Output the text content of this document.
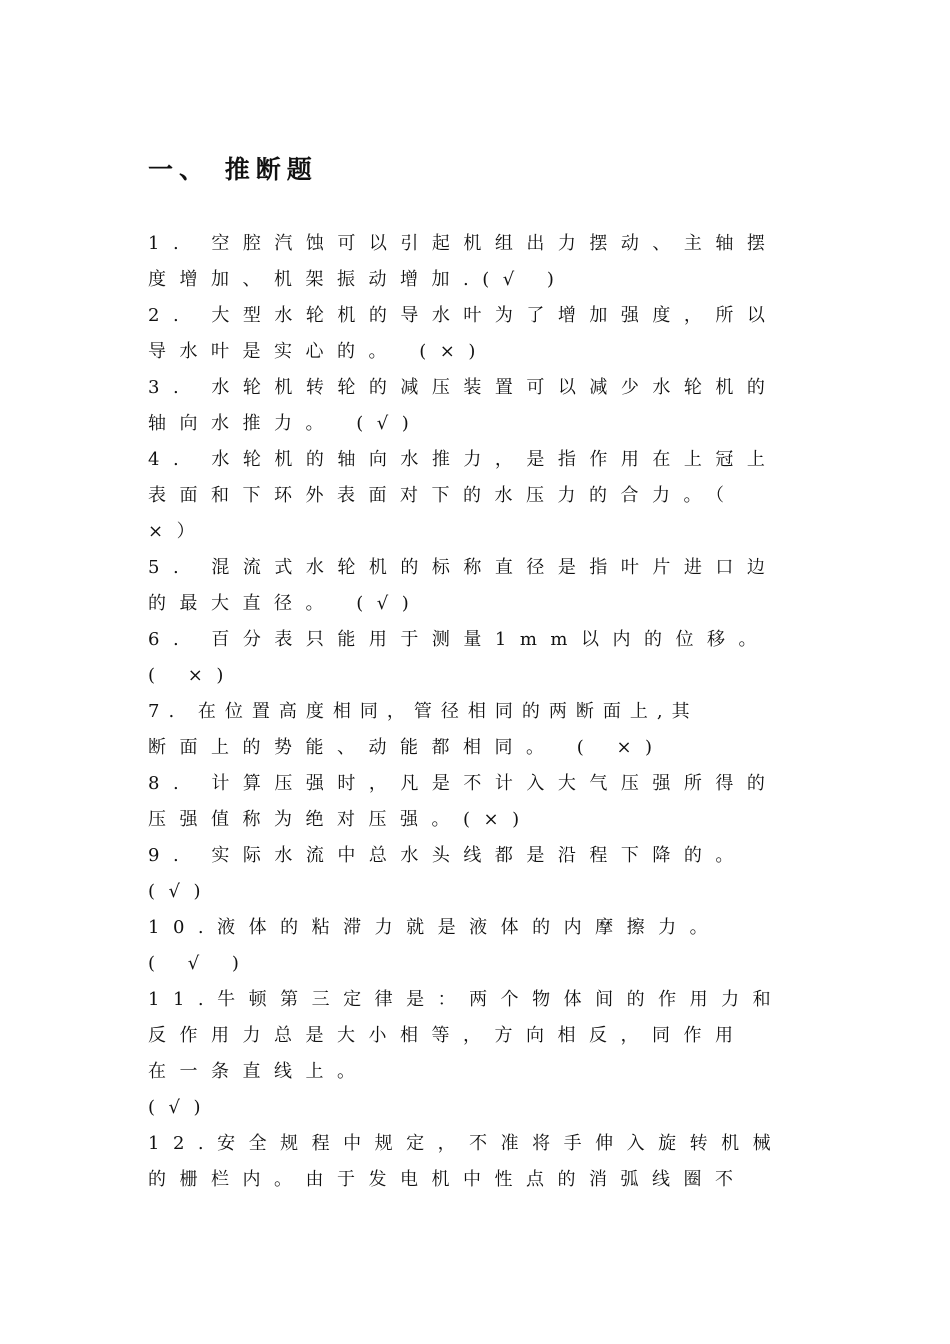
一、 推断题
1. 空腔汽蚀可以引起机组出力摆动、主轴摆
度增加、机架振动增加.(√ )
2. 大型水轮机的导水叶为了增加强度，所以
导水叶是实心的。 (×)
3. 水轮机转轮的减压装置可以减少水轮机的
轴向水推力。 (√)
4. 水轮机的轴向水推力，是指作用在上冠上
表面和下环外表面对下的水压力的合力。（
×）
5. 混流式水轮机的标称直径是指叶片进口边
的最大直径。 (√)
6. 百分表只能用于测量1mm以内的位移。
( ×)
7. 在位置高度相同，管径相同的两断面上,其
断面上的势能、动能都相同。 ( ×)
8. 计算压强时，凡是不计入大气压强所得的
压强值称为绝对压强。(×)
9. 实际水流中总水头线都是沿程下降的。
(√)
10.液体的粘滞力就是液体的内摩擦力。
( √ )
11.牛顿第三定律是：两个物体间的作用力和
反作用力总是大小相等，方向相反，同作用
在一条直线上。
(√)
12.安全规程中规定，不准将手伸入旋转机械
的栅栏内。由于发电机中性点的消弧线圈不
